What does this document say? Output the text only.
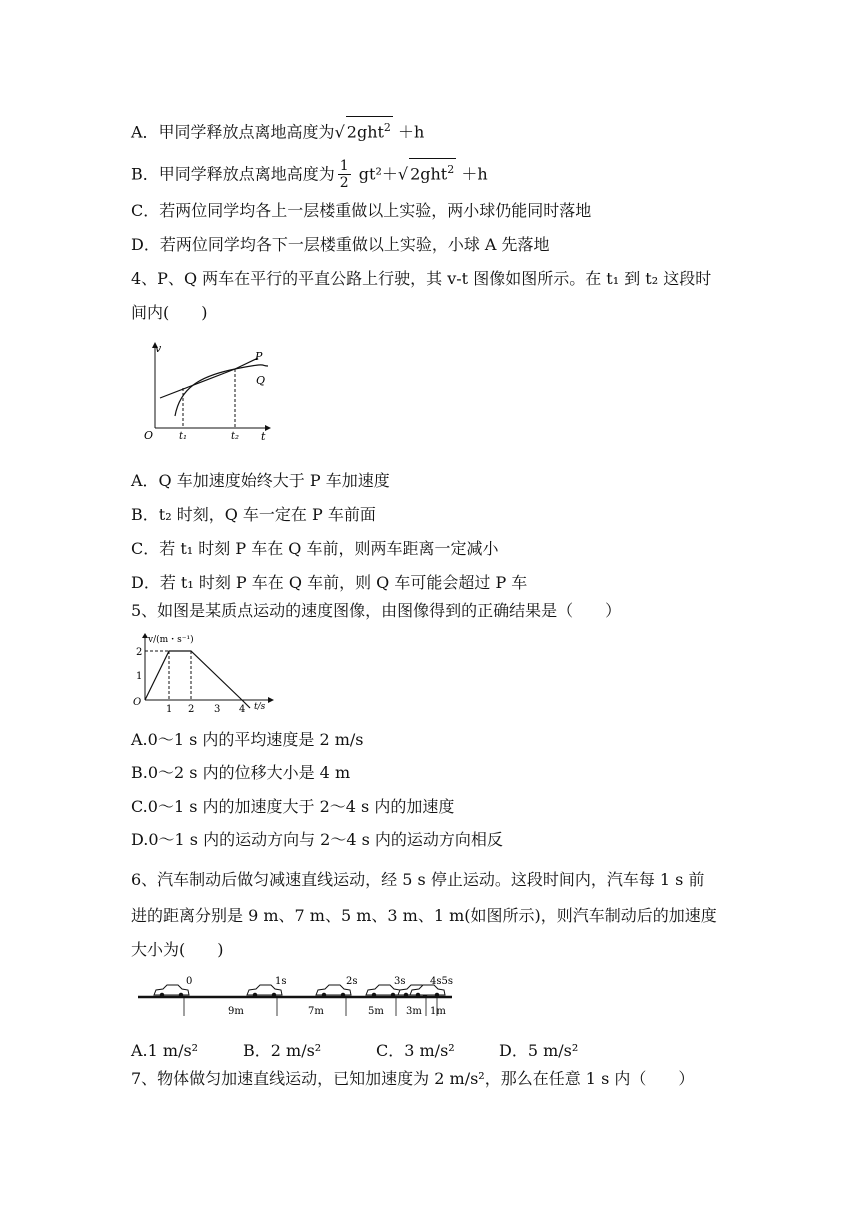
A．甲同学释放点离地高度为√ 2ght$^2$ ＋h
B．甲同学释放点离地高度为 $\frac{1}{2} gt^2+√$ 2ght$^2$ ＋h
C．若两位同学均各上一层楼重做以上实验，两小球仍能同时落地
D．若两位同学均各下一层楼重做以上实验，小球 A 先落地
4、P、Q 两车在平行的平直公路上行驶，其 v-t 图像如图所示。在 t₁ 到 t₂ 这段时
间内(　　)
v
t
O	t₁	t₂
P
Q
A．Q 车加速度始终大于 P 车加速度
B．t₂ 时刻，Q 车一定在 P 车前面
C．若 t₁ 时刻 P 车在 Q 车前，则两车距离一定减小
D．若 t₁ 时刻 P 车在 Q 车前，则 Q 车可能会超过 P 车
5、如图是某质点运动的速度图像，由图像得到的正确结果是（　　）
v/(m・s⁻¹)
t/s
O
1
2
1 2 3 4
A.0～1 s 内的平均速度是 2 m/s
B.0～2 s 内的位移大小是 4 m
C.0～1 s 内的加速度大于 2～4 s 内的加速度
D.0～1 s 内的运动方向与 2～4 s 内的运动方向相反
6、汽车制动后做匀减速直线运动，经 5 s 停止运动。这段时间内，汽车每 1 s 前
进的距离分别是 9 m、7 m、5 m、3 m、1 m(如图所示)，则汽车制动后的加速度
大小为(　　)
0	1s	2s	3s 4s5s
9m	7m	5m 3m 1m
A.1 m/s²	B．2 m/s²	C．3 m/s²	D．5 m/s²
7、物体做匀加速直线运动，已知加速度为 2 m/s²，那么在任意 1 s 内（　　）
